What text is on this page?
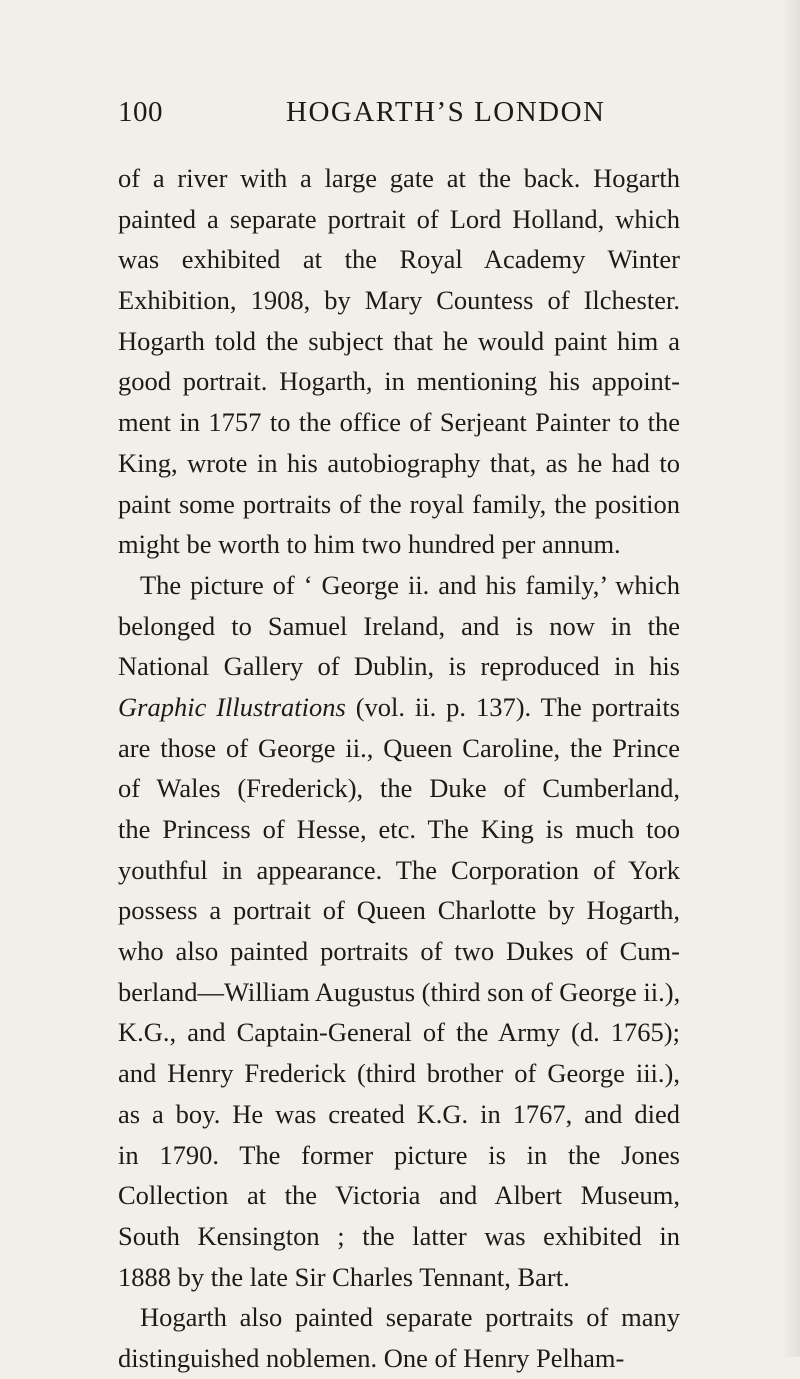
100	HOGARTH’S LONDON
of a river with a large gate at the back. Hogarth
painted a separate portrait of Lord Holland, which
was exhibited at the Royal Academy Winter
Exhibition, 1908, by Mary Countess of Ilchester.
Hogarth told the subject that he would paint him a
good portrait. Hogarth, in mentioning his appoint-
ment in 1757 to the office of Serjeant Painter to the
King, wrote in his autobiography that, as he had to
paint some portraits of the royal family, the position
might be worth to him two hundred per annum.
The picture of ‘ George ii. and his family,’ which
belonged to Samuel Ireland, and is now in the
National Gallery of Dublin, is reproduced in his
Graphic Illustrations (vol. ii. p. 137). The portraits
are those of George ii., Queen Caroline, the Prince
of Wales (Frederick), the Duke of Cumberland,
the Princess of Hesse, etc. The King is much too
youthful in appearance. The Corporation of York
possess a portrait of Queen Charlotte by Hogarth,
who also painted portraits of two Dukes of Cum-
berland—William Augustus (third son of George ii.),
K.G., and Captain-General of the Army (d. 1765);
and Henry Frederick (third brother of George iii.),
as a boy. He was created K.G. in 1767, and died
in 1790. The former picture is in the Jones
Collection at the Victoria and Albert Museum,
South Kensington ; the latter was exhibited in
1888 by the late Sir Charles Tennant, Bart.
Hogarth also painted separate portraits of many
distinguished noblemen. One of Henry Pelham-
